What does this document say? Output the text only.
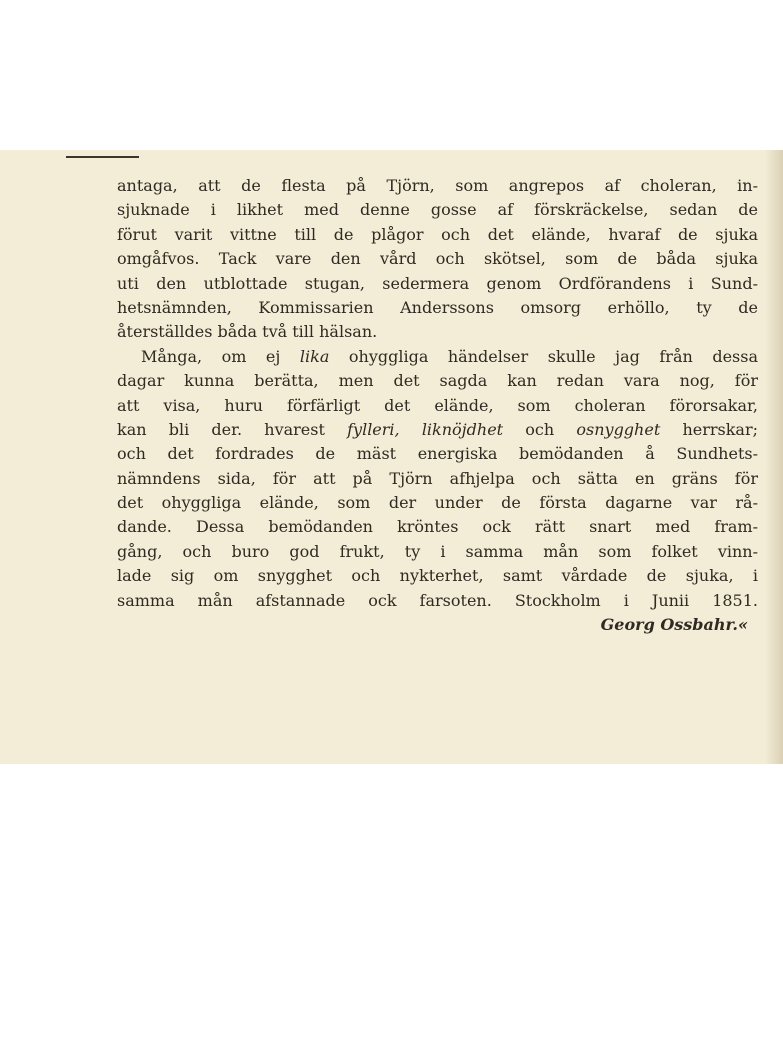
antaga, att de flesta på Tjörn, som angrepos af choleran, in-
sjuknade i likhet med denne gosse af förskräckelse, sedan de
förut varit vittne till de plågor och det elände, hvaraf de sjuka
omgåfvos. Tack vare den vård och skötsel, som de båda sjuka
uti den utblottade stugan, sedermera genom Ordförandens i Sund-
hetsnämnden, Kommissarien Anderssons omsorg erhöllo, ty de
återställdes båda två till hälsan.
Många, om ej lika ohyggliga händelser skulle jag från dessa
dagar kunna berätta, men det sagda kan redan vara nog, för
att visa, huru förfärligt det elände, som choleran förorsakar,
kan bli der. hvarest fylleri, liknöjdhet och osnygghet herrskar;
och det fordrades de mäst energiska bemödanden å Sundhets-
nämndens sida, för att på Tjörn afhjelpa och sätta en gräns för
det ohyggliga elände, som der under de första dagarne var rå-
dande. Dessa bemödanden kröntes ock rätt snart med fram-
gång, och buro god frukt, ty i samma mån som folket vinn-
lade sig om snygghet och nykterhet, samt vårdade de sjuka, i
samma mån afstannade ock farsoten. Stockholm i Junii 1851.
Georg Ossbahr.«
